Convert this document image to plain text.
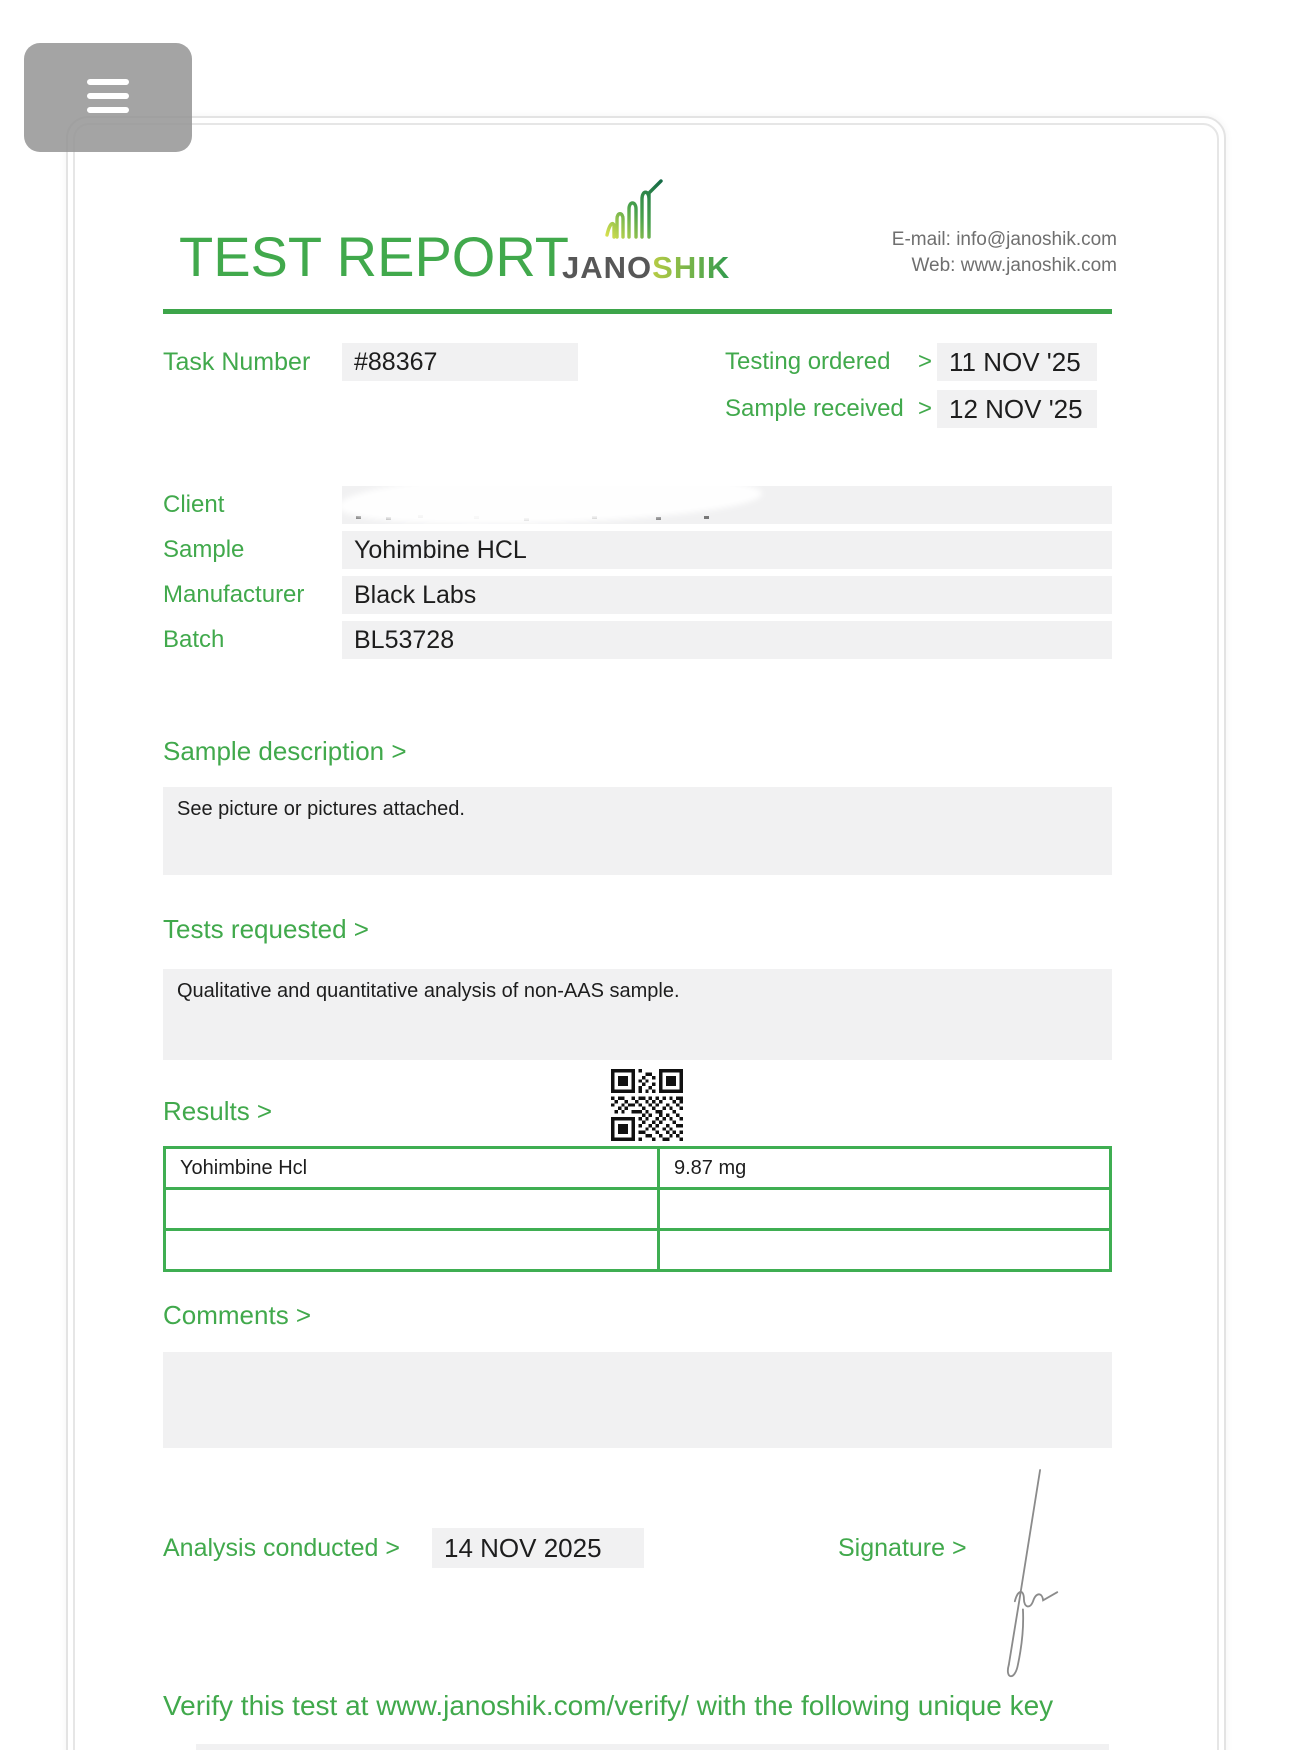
TEST REPORT
JANOSHIK
E-mail: info@janoshik.com
Web: www.janoshik.com
Task Number	#88367	Testing ordered > 11 NOV '25
Sample received > 12 NOV '25
Client
Sample	Yohimbine HCL
Manufacturer	Black Labs
Batch	BL53728
Sample description >
See picture or pictures attached.
Tests requested >
Qualitative and quantitative analysis of non-AAS sample.
Results >
Yohimbine Hcl	9.87 mg

Comments >
Analysis conducted >	14 NOV 2025	Signature >
Verify this test at www.janoshik.com/verify/ with the following unique key
